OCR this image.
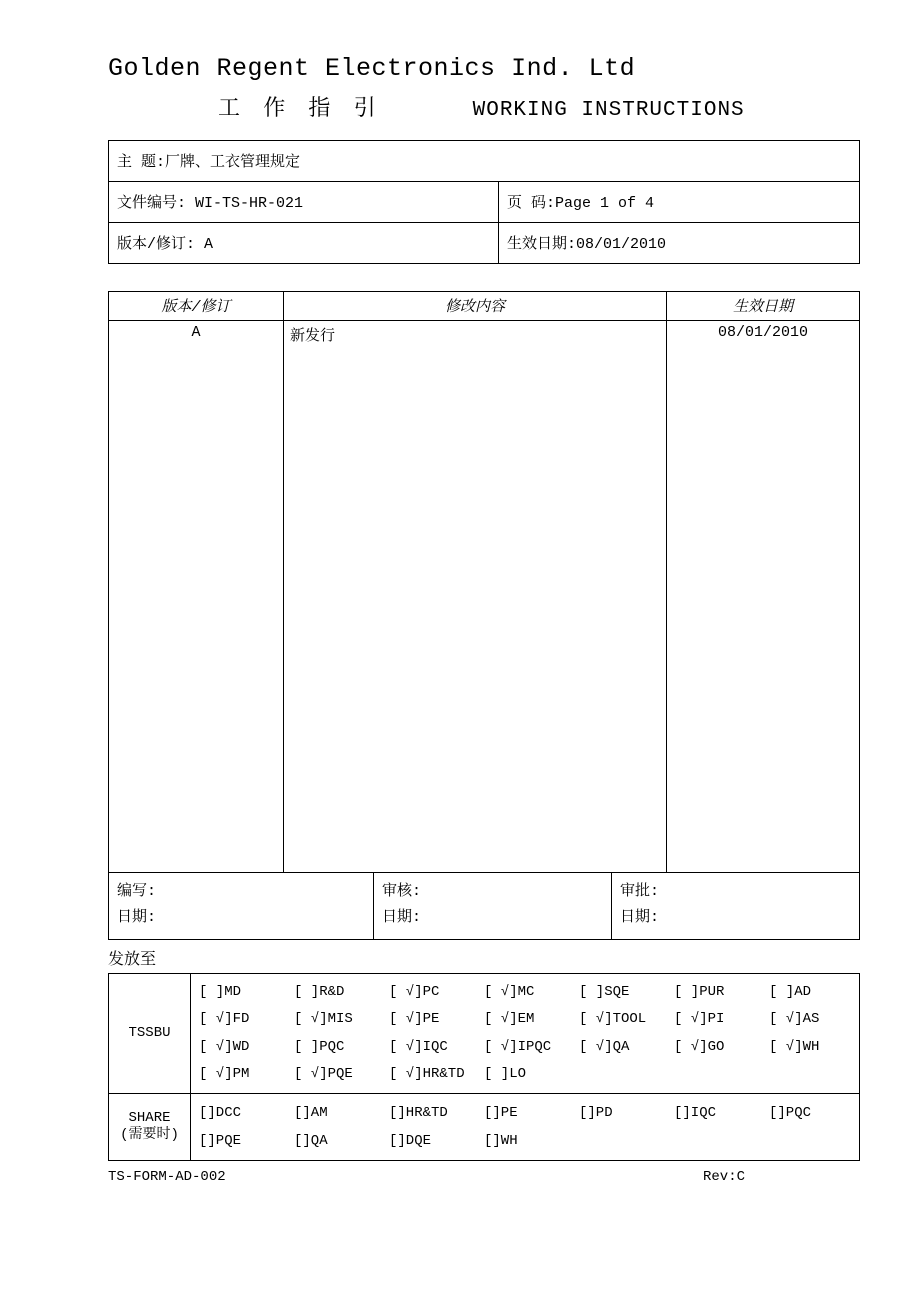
Golden Regent Electronics Ind. Ltd
工 作 指 引	WORKING INSTRUCTIONS
主 题:厂牌、工衣管理规定	
文件编号: WI-TS-HR-021	页 码:Page 1 of 4
版本/修订: A	生效日期:08/01/2010
版本/修订	修改内容	生效日期
A	新发行	08/01/2010
编写:
日期:

审核:
日期:

审批:
日期:
发放至
TSSBU	
[ ]MD	[ ]R&D	[ √]PC	[ √]MC	[ ]SQE	[ ]PUR	[ ]AD
[ √]FD	[ √]MIS	[ √]PE	[ √]EM	[ √]TOOL	[ √]PI	[ √]AS
[ √]WD	[ ]PQC	[ √]IQC	[ √]IPQC	[ √]QA	[ √]GO	[ √]WH
[ √]PM	[ √]PQE	[ √]HR&TD	[ ]LO

SHARE
(需要时)

[]DCC	[]AM	[]HR&TD	[]PE	[]PD	[]IQC	[]PQC
[]PQE	[]QA	[]DQE	[]WH
TS-FORM-AD-002	Rev:C
